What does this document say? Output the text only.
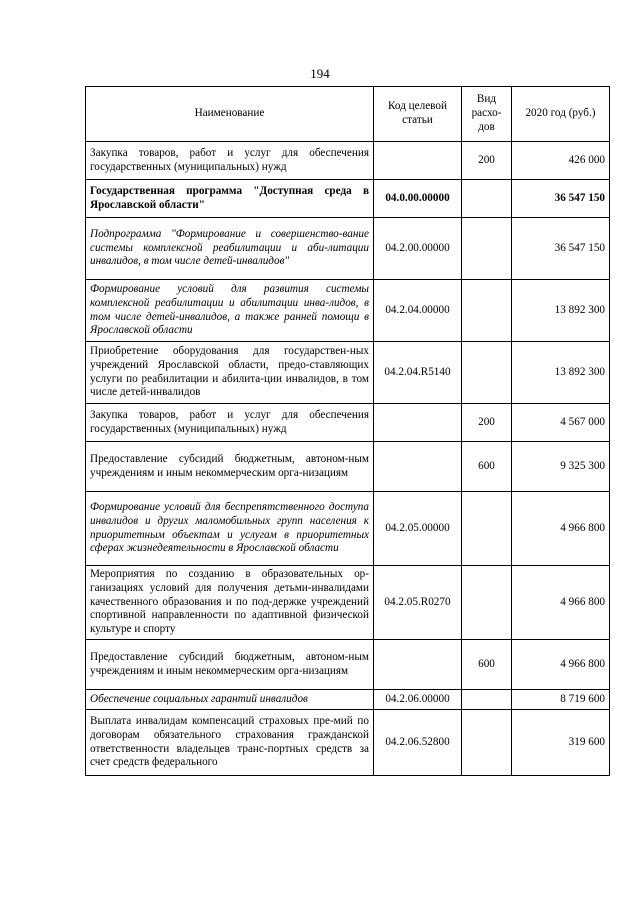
194
Наименование	Код целевой статьи	Вид расхо-дов	2020 год (руб.)
Закупка товаров, работ и услуг для обеспечения государственных (муниципальных) нужд		200	426 000
Государственная программа "Доступная среда в Ярославской области"	04.0.00.00000		36 547 150
Подпрограмма "Формирование и совершенство-вание системы комплексной реабилитации и аби-литации инвалидов, в том числе детей-инвалидов"	04.2.00.00000		36 547 150
Формирование условий для развития системы комплексной реабилитации и абилитации инва-лидов, в том числе детей-инвалидов, а также ранней помощи в Ярославской области	04.2.04.00000		13 892 300
Приобретение оборудования для государствен-ных учреждений Ярославской области, предо-ставляющих услуги по реабилитации и абилита-ции инвалидов, в том числе детей-инвалидов	04.2.04.R5140		13 892 300
Закупка товаров, работ и услуг для обеспечения государственных (муниципальных) нужд		200	4 567 000
Предоставление субсидий бюджетным, автоном-ным учреждениям и иным некоммерческим орга-низациям		600	9 325 300
Формирование условий для беспрепятственного доступа инвалидов и других маломобильных групп населения к приоритетным объектам и услугам в приоритетных сферах жизнедеятельности в Ярославской области	04.2.05.00000		4 966 800
Мероприятия по созданию в образовательных ор-ганизациях условий для получения детьми-инвалидами качественного образования и по под-держке учреждений спортивной направленности по адаптивной физической культуре и спорту	04.2.05.R0270		4 966 800
Предоставление субсидий бюджетным, автоном-ным учреждениям и иным некоммерческим орга-низациям		600	4 966 800
Обеспечение социальных гарантий инвалидов	04.2.06.00000		8 719 600
Выплата инвалидам компенсаций страховых пре-мий по договорам обязательного страхования гражданской ответственности владельцев транс-портных средств за счет средств федерального	04.2.06.52800		319 600
